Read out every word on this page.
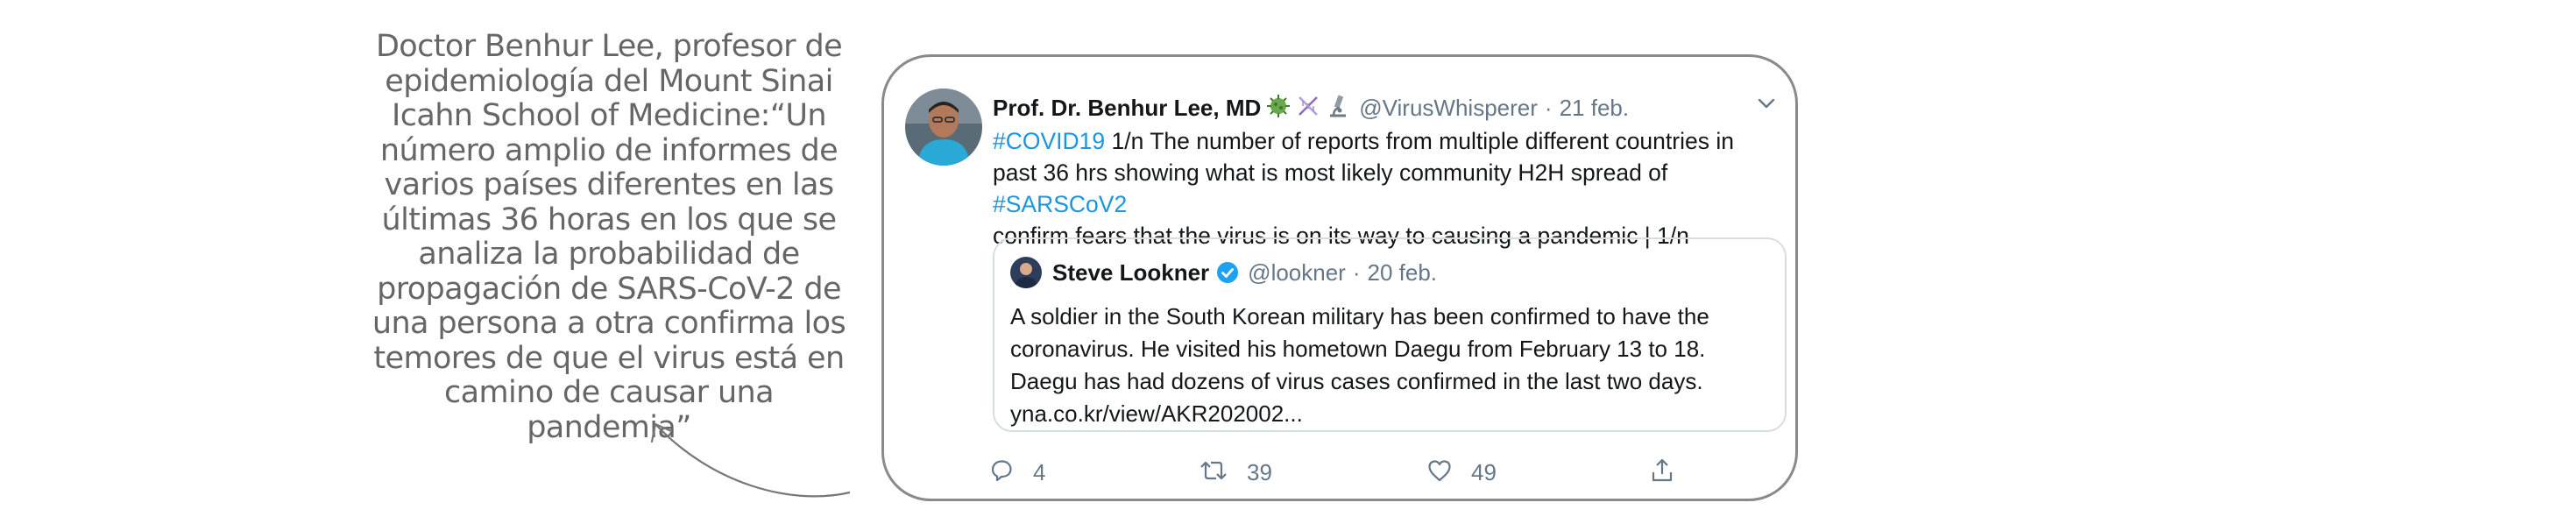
Doctor Benhur Lee, profesor de
epidemiología del Mount Sinai
Icahn School of Medicine:“Un
número amplio de informes de
varios países diferentes en las
últimas 36 horas en los que se
analiza la probabilidad de
propagación de SARS-CoV-2 de
una persona a otra confirma los
temores de que el virus está en
camino de causar una pandemia”
Prof. Dr. Benhur Lee, MD	@VirusWhisperer · 21 feb.
#COVID19 1/n The number of reports from multiple different countries in past 36 hrs showing what is most likely community H2H spread of #SARSCoV2
confirm fears that the virus is on its way to causing a pandemic | 1/n
Steve Lookner @lookner · 20 feb.
A soldier in the South Korean military has been confirmed to have the
coronavirus. He visited his hometown Daegu from February 13 to 18.
Daegu has had dozens of virus cases confirmed in the last two days.
yna.co.kr/view/AKR202002...
4	39	49
